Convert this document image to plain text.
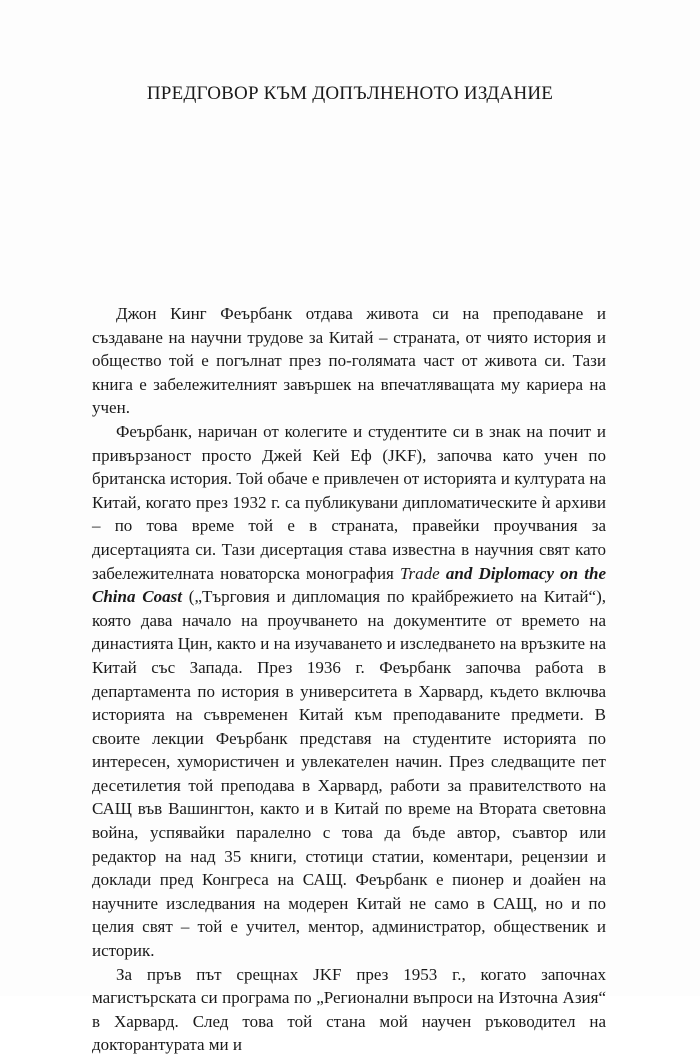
ПРЕДГОВОР КЪМ ДОПЪЛНЕНОТО ИЗДАНИЕ

Джон Кинг Феърбанк отдава живота си на преподаване и създаване на научни трудове за Китай – страната, от чиято история и общество той е погълнат през по-голямата част от живота си. Тази книга е забележителният завършек на впечатляващата му кариера на учен.

Феърбанк, наричан от колегите и студентите си в знак на почит и привързаност просто Джей Кей Еф (JKF), започва като учен по британска история. Той обаче е привлечен от историята и културата на Китай, когато през 1932 г. са публикувани дипломатическите ѝ архиви – по това време той е в страната, правейки проучвания за дисертацията си. Тази дисертация става известна в научния свят като забележителната новаторска монография Trade and Diplomacy on the China Coast („Търговия и дипломация по крайбрежието на Китай“), която дава начало на проучването на документите от времето на династията Цин, както и на изучаването и изследването на връзките на Китай със Запада. През 1936 г. Феърбанк започва работа в департамента по история в университета в Харвард, където включва историята на съвременен Китай към преподаваните предмети. В своите лекции Феърбанк представя на студентите историята по интересен, хумористичен и увлекателен начин. През следващите пет десетилетия той преподава в Харвард, работи за правителството на САЩ във Вашингтон, както и в Китай по време на Втората световна война, успявайки паралелно с това да бъде автор, съавтор или редактор на над 35 книги, стотици статии, коментари, рецензии и доклади пред Конгреса на САЩ. Феърбанк е пионер и доайен на научните изследвания на модерен Китай не само в САЩ, но и по целия свят – той е учител, ментор, администратор, общественик и историк.

За пръв път срещнах JKF през 1953 г., когато започнах магистърската си програма по „Регионални въпроси на Източна Азия“ в Харвард. След това той стана мой научен ръководител на докторантурата ми и
